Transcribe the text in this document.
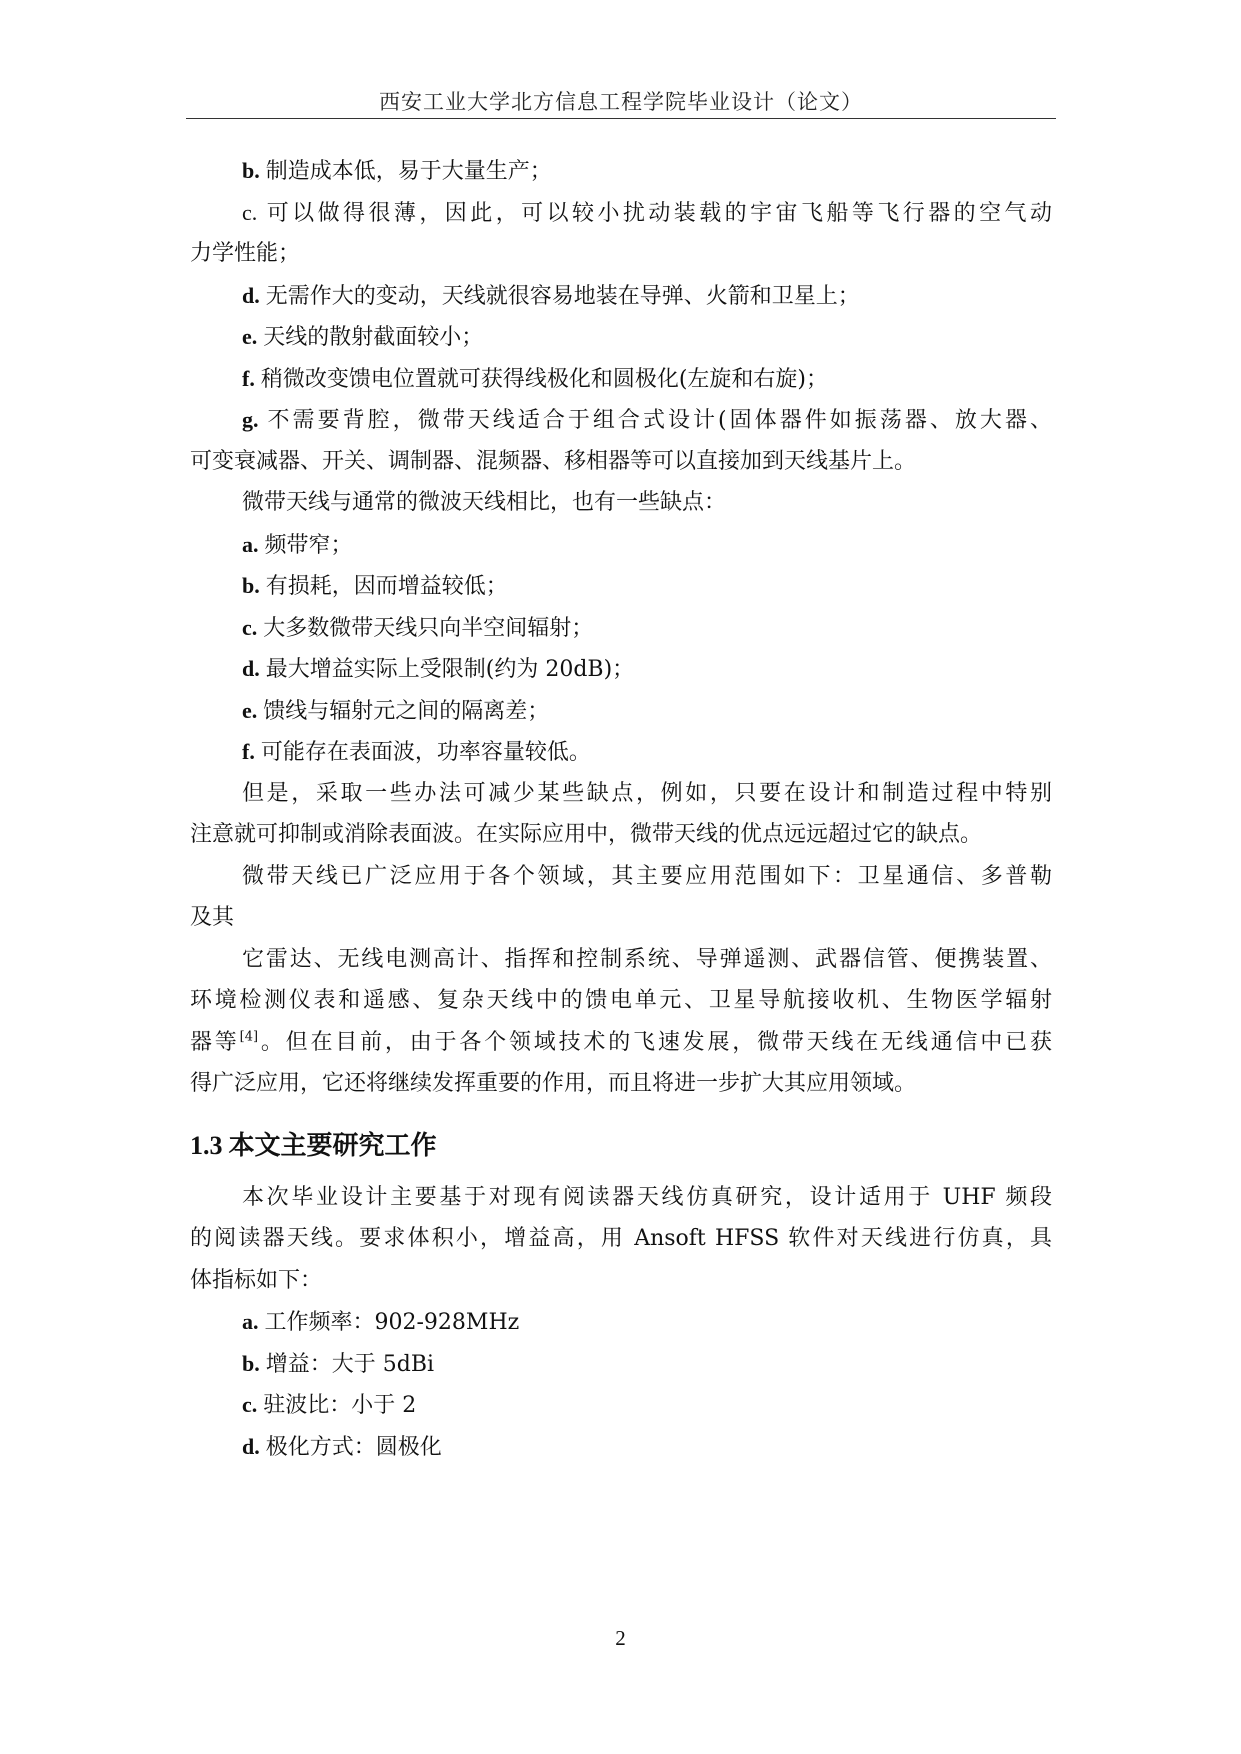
西安工业大学北方信息工程学院毕业设计（论文）
b. 制造成本低，易于大量生产；
c. 可以做得很薄，因此，可以较小扰动装载的宇宙飞船等飞行器的空气动
力学性能；
d. 无需作大的变动，天线就很容易地装在导弹、火箭和卫星上；
e. 天线的散射截面较小；
f. 稍微改变馈电位置就可获得线极化和圆极化(左旋和右旋)；
g. 不需要背腔，微带天线适合于组合式设计(固体器件如振荡器、放大器、
可变衰减器、开关、调制器、混频器、移相器等可以直接加到天线基片上。
微带天线与通常的微波天线相比，也有一些缺点：
a. 频带窄；
b. 有损耗，因而增益较低；
c. 大多数微带天线只向半空间辐射；
d. 最大增益实际上受限制(约为 20dB)；
e. 馈线与辐射元之间的隔离差；
f. 可能存在表面波，功率容量较低。
但是，采取一些办法可减少某些缺点，例如，只要在设计和制造过程中特别
注意就可抑制或消除表面波。在实际应用中，微带天线的优点远远超过它的缺点。
微带天线已广泛应用于各个领域，其主要应用范围如下：卫星通信、多普勒
及其
它雷达、无线电测高计、指挥和控制系统、导弹遥测、武器信管、便携装置、
环境检测仪表和遥感、复杂天线中的馈电单元、卫星导航接收机、生物医学辐射
器等[4]。但在目前，由于各个领域技术的飞速发展，微带天线在无线通信中已获
得广泛应用，它还将继续发挥重要的作用，而且将进一步扩大其应用领域。
1.3 本文主要研究工作
本次毕业设计主要基于对现有阅读器天线仿真研究，设计适用于 UHF 频段
的阅读器天线。要求体积小，增益高，用 Ansoft HFSS 软件对天线进行仿真，具
体指标如下：
a. 工作频率：902-928MHz
b. 增益：大于 5dBi
c. 驻波比：小于 2
d. 极化方式：圆极化
2
